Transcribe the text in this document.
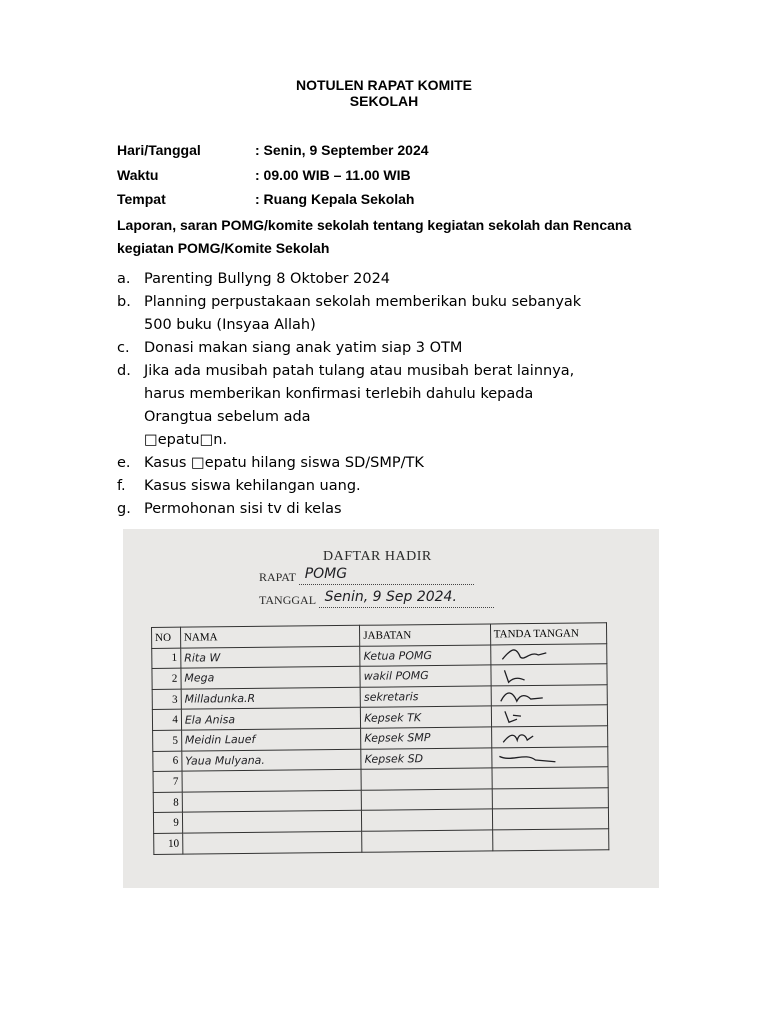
NOTULEN RAPAT KOMITE
SEKOLAH
Hari/Tanggal	: Senin, 9 September 2024
Waktu	: 09.00 WIB – 11.00 WIB
Tempat	: Ruang Kepala Sekolah
Laporan, saran POMG/komite sekolah tentang kegiatan sekolah dan Rencana kegiatan POMG/Komite Sekolah
a. Parenting Bullyng 8 Oktober 2024
b. Planning perpustakaan sekolah memberikan buku sebanyak
500 buku (Insyaa Allah)
c. Donasi makan siang anak yatim siap 3 OTM
d. Jika ada musibah patah tulang atau musibah berat lainnya,
harus memberikan konfirmasi terlebih dahulu kepada
Orangtua sebelum ada
□epatu□n.
e. Kasus □epatu hilang siswa SD/SMP/TK
f. Kasus siswa kehilangan uang.
g. Permohonan sisi tv di kelas
DAFTAR HADIR
RAPAT POMG
TANGGAL Senin, 9 Sep 2024.
NO	NAMA	JABATAN	TANDA TANGAN
1	Rita W	Ketua POMG	

2	Mega	wakil POMG	

3	Milladunka.R	sekretaris	

4	Ela Anisa	Kepsek TK	

5	Meidin Lauef	Kepsek SMP	

6	Yaua Mulyana.	Kepsek SD	

7			
8			
9			
10			
